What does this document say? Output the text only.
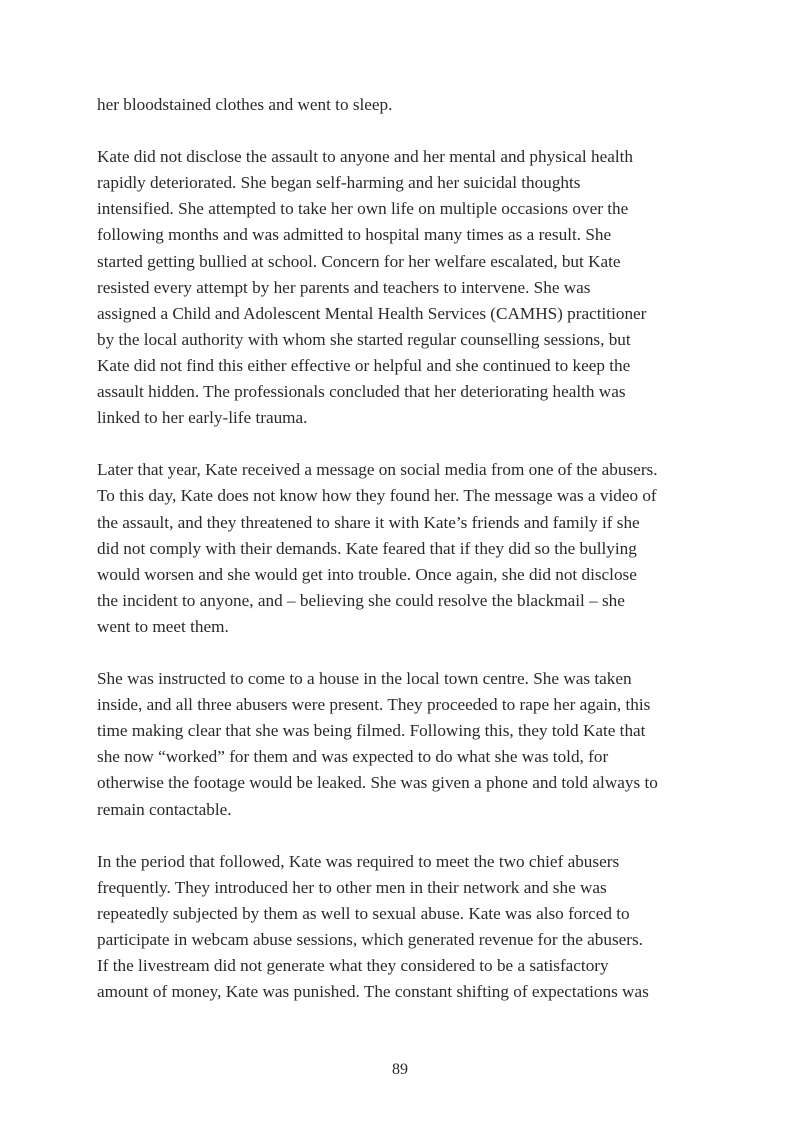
her bloodstained clothes and went to sleep.
Kate did not disclose the assault to anyone and her mental and physical health
rapidly deteriorated. She began self-harming and her suicidal thoughts
intensified. She attempted to take her own life on multiple occasions over the
following months and was admitted to hospital many times as a result. She
started getting bullied at school. Concern for her welfare escalated, but Kate
resisted every attempt by her parents and teachers to intervene. She was
assigned a Child and Adolescent Mental Health Services (CAMHS) practitioner
by the local authority with whom she started regular counselling sessions, but
Kate did not find this either effective or helpful and she continued to keep the
assault hidden. The professionals concluded that her deteriorating health was
linked to her early-life trauma.
Later that year, Kate received a message on social media from one of the abusers.
To this day, Kate does not know how they found her. The message was a video of
the assault, and they threatened to share it with Kate’s friends and family if she
did not comply with their demands. Kate feared that if they did so the bullying
would worsen and she would get into trouble. Once again, she did not disclose
the incident to anyone, and – believing she could resolve the blackmail – she
went to meet them.
She was instructed to come to a house in the local town centre. She was taken
inside, and all three abusers were present. They proceeded to rape her again, this
time making clear that she was being filmed. Following this, they told Kate that
she now “worked” for them and was expected to do what she was told, for
otherwise the footage would be leaked. She was given a phone and told always to
remain contactable.
In the period that followed, Kate was required to meet the two chief abusers
frequently. They introduced her to other men in their network and she was
repeatedly subjected by them as well to sexual abuse. Kate was also forced to
participate in webcam abuse sessions, which generated revenue for the abusers.
If the livestream did not generate what they considered to be a satisfactory
amount of money, Kate was punished. The constant shifting of expectations was
89
